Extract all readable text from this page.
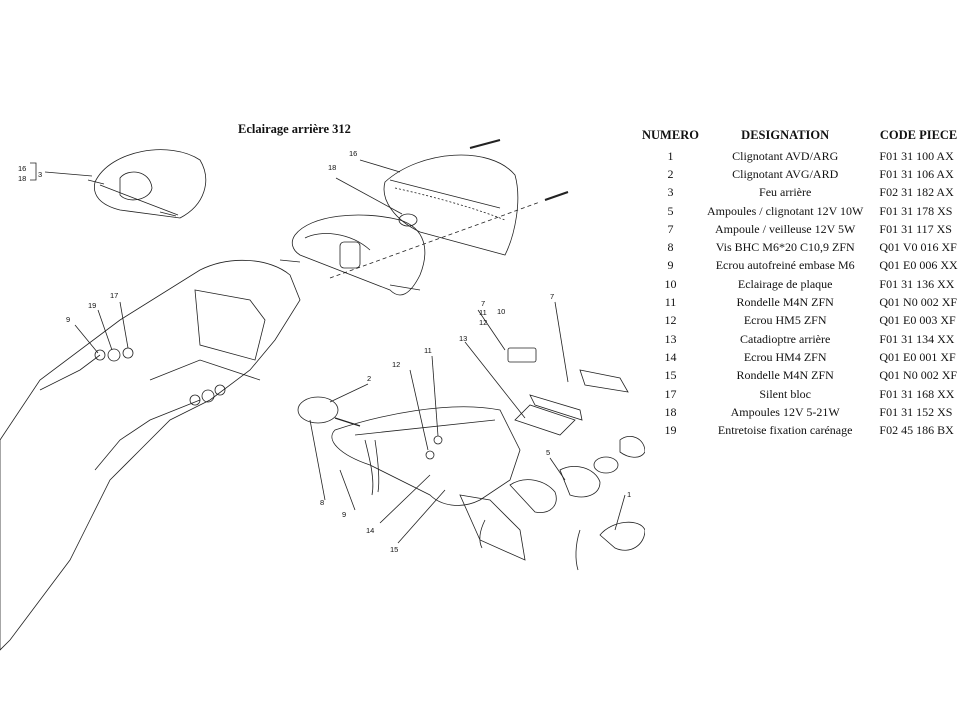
Eclairage arrière 312
16
18 3
16
18
9
19
17
2
12
11
7
11
12
10
13
7
5
8
9
14
15
1
NUMERO	DESIGNATION	CODE PIECE
1	Clignotant AVD/ARG	F01 31 100 AX
2	Clignotant AVG/ARD	F01 31 106 AX
3	Feu arrière	F02 31 182 AX
5	Ampoules / clignotant 12V 10W	F01 31 178 XS
7	Ampoule / veilleuse 12V 5W	F01 31 117 XS
8	Vis BHC M6*20 C10,9 ZFN	Q01 V0 016 XF
9	Ecrou autofreiné embase M6	Q01 E0 006 XX
10	Eclairage de plaque	F01 31 136 XX
11	Rondelle M4N ZFN	Q01 N0 002 XF
12	Ecrou HM5 ZFN	Q01 E0 003 XF
13	Catadioptre arrière	F01 31 134 XX
14	Ecrou HM4 ZFN	Q01 E0 001 XF
15	Rondelle M4N ZFN	Q01 N0 002 XF
17	Silent bloc	F01 31 168 XX
18	Ampoules 12V 5-21W	F01 31 152 XS
19	Entretoise fixation carénage	F02 45 186 BX
